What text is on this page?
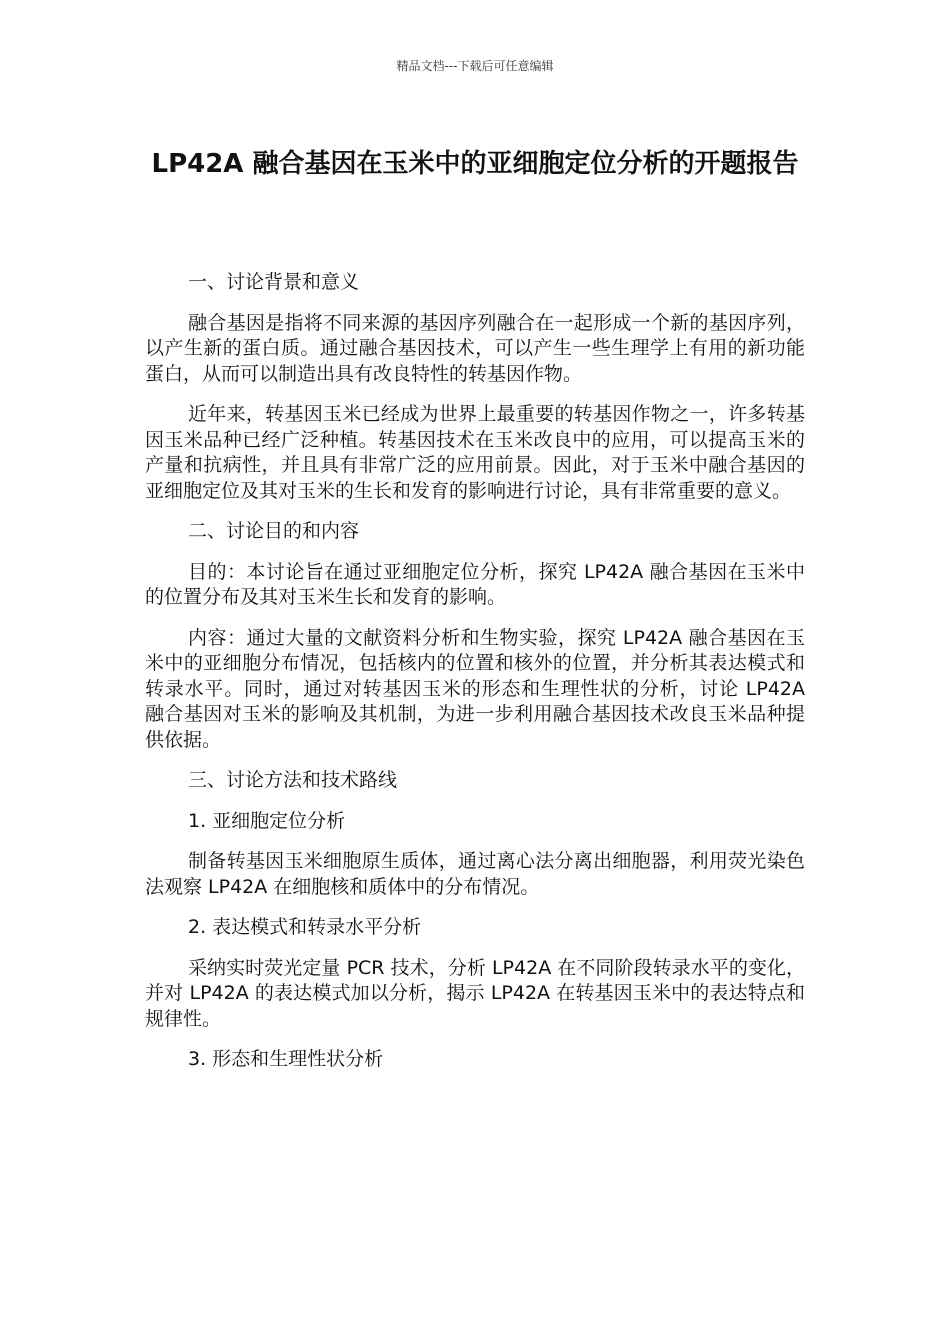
精品文档---下载后可任意编辑
LP42A 融合基因在玉米中的亚细胞定位分析的开题报告

一、讨论背景和意义

融合基因是指将不同来源的基因序列融合在一起形成一个新的基因序列，以产生新的蛋白质。通过融合基因技术，可以产生一些生理学上有用的新功能蛋白，从而可以制造出具有改良特性的转基因作物。

近年来，转基因玉米已经成为世界上最重要的转基因作物之一，许多转基因玉米品种已经广泛种植。转基因技术在玉米改良中的应用，可以提高玉米的产量和抗病性，并且具有非常广泛的应用前景。因此，对于玉米中融合基因的亚细胞定位及其对玉米的生长和发育的影响进行讨论，具有非常重要的意义。

二、讨论目的和内容

目的：本讨论旨在通过亚细胞定位分析，探究 LP42A 融合基因在玉米中的位置分布及其对玉米生长和发育的影响。

内容：通过大量的文献资料分析和生物实验，探究 LP42A 融合基因在玉米中的亚细胞分布情况，包括核内的位置和核外的位置，并分析其表达模式和转录水平。同时，通过对转基因玉米的形态和生理性状的分析，讨论 LP42A 融合基因对玉米的影响及其机制，为进一步利用融合基因技术改良玉米品种提供依据。

三、讨论方法和技术路线

1. 亚细胞定位分析

制备转基因玉米细胞原生质体，通过离心法分离出细胞器，利用荧光染色法观察 LP42A 在细胞核和质体中的分布情况。

2. 表达模式和转录水平分析

采纳实时荧光定量 PCR 技术，分析 LP42A 在不同阶段转录水平的变化，并对 LP42A 的表达模式加以分析，揭示 LP42A 在转基因玉米中的表达特点和规律性。

3. 形态和生理性状分析
